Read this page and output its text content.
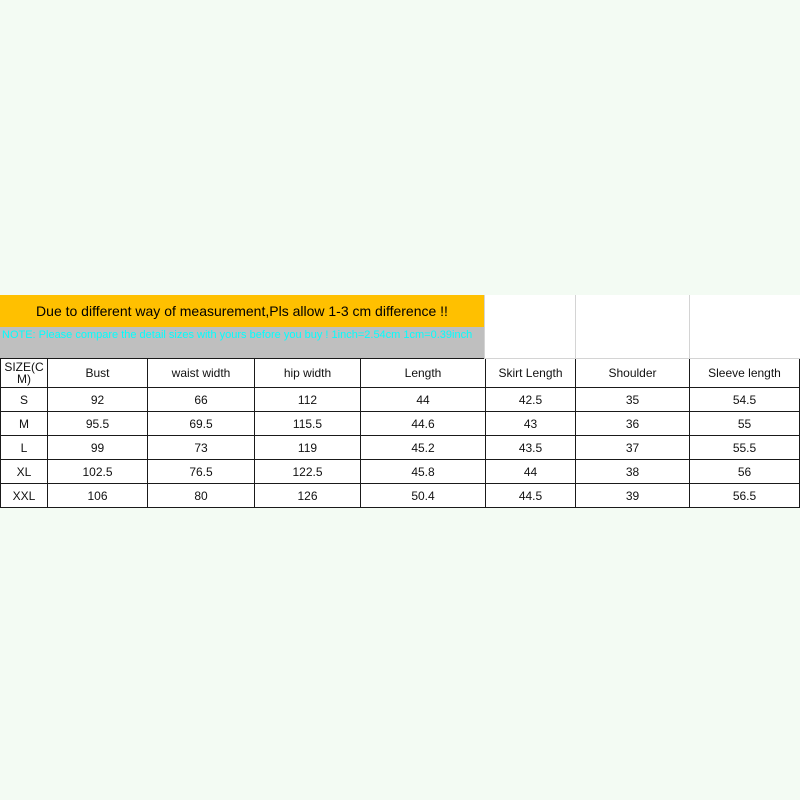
Due to different way of measurement,Pls allow 1-3 cm difference !!
NOTE: Please compare the detail sizes with yours before you buy ! 1inch=2.54cm 1cm=0.39inch
SIZE(CM)	Bust	waist width	hip width	Length	Skirt Length	Shoulder	Sleeve length
S	92	66	112	44	42.5	35	54.5
M	95.5	69.5	115.5	44.6	43	36	55
L	99	73	119	45.2	43.5	37	55.5
XL	102.5	76.5	122.5	45.8	44	38	56
XXL	106	80	126	50.4	44.5	39	56.5
